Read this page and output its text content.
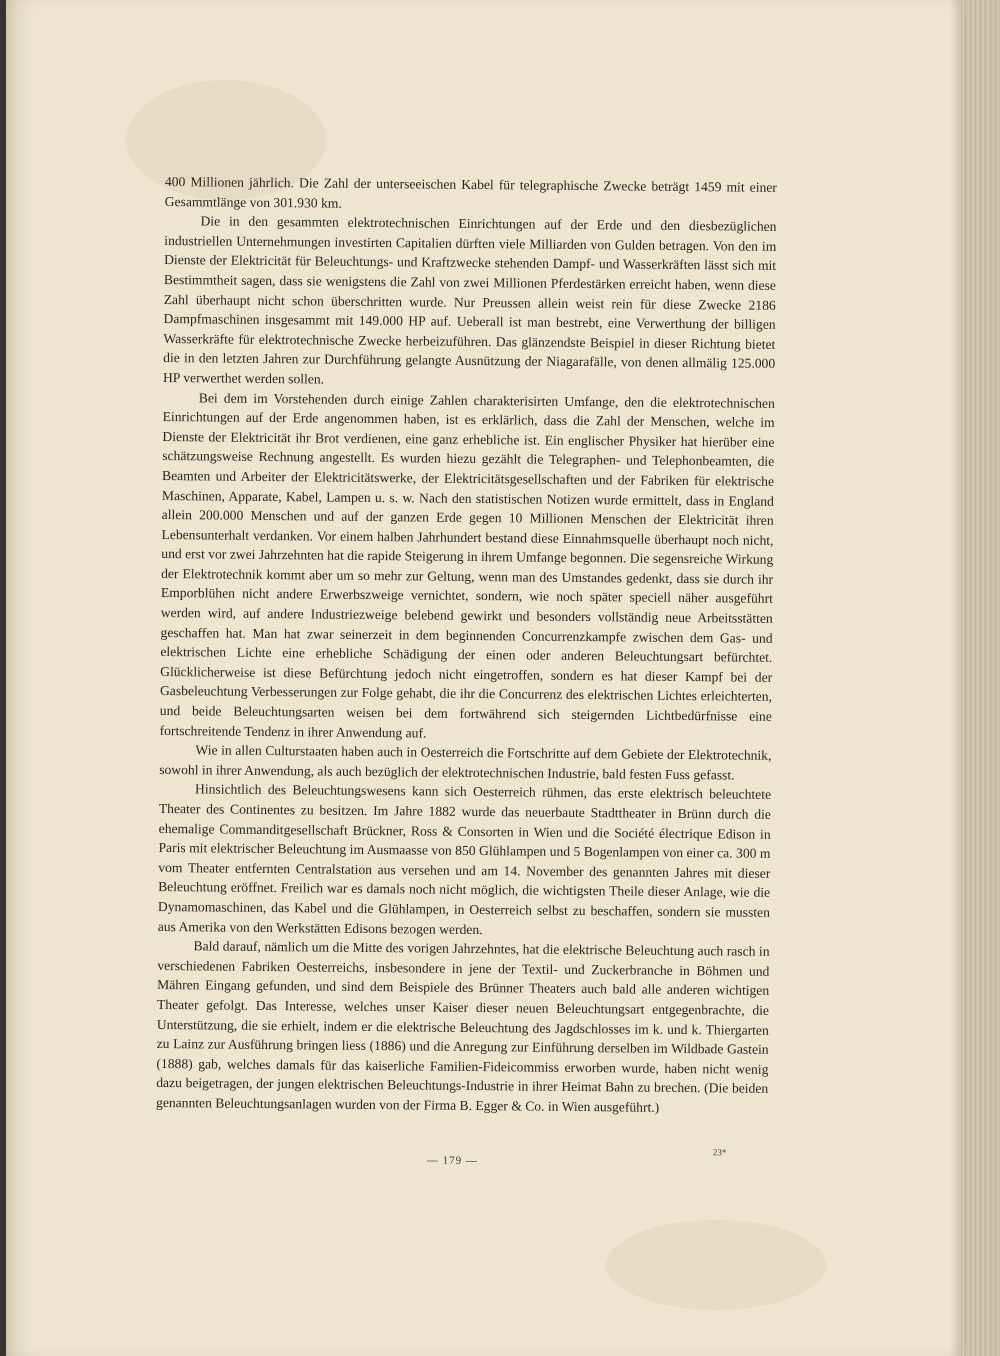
400 Millionen jährlich. Die Zahl der unterseeischen Kabel für telegraphische Zwecke beträgt 1459 mit einer Gesammtlänge von 301.930 km.

Die in den gesammten elektrotechnischen Einrichtungen auf der Erde und den diesbezüglichen industriellen Unternehmungen investirten Capitalien dürften viele Milliarden von Gulden betragen. Von den im Dienste der Elektricität für Beleuchtungs- und Kraftzwecke stehenden Dampf- und Wasserkräften lässt sich mit Bestimmtheit sagen, dass sie wenigstens die Zahl von zwei Millionen Pferdestärken erreicht haben, wenn diese Zahl überhaupt nicht schon überschritten wurde. Nur Preussen allein weist rein für diese Zwecke 2186 Dampfmaschinen insgesammt mit 149.000 HP auf. Ueberall ist man bestrebt, eine Verwerthung der billigen Wasserkräfte für elektrotechnische Zwecke herbeizuführen. Das glänzendste Beispiel in dieser Richtung bietet die in den letzten Jahren zur Durchführung gelangte Ausnützung der Niagarafälle, von denen allmälig 125.000 HP verwerthet werden sollen.

Bei dem im Vorstehenden durch einige Zahlen charakterisirten Umfange, den die elektrotechnischen Einrichtungen auf der Erde angenommen haben, ist es erklärlich, dass die Zahl der Menschen, welche im Dienste der Elektricität ihr Brot verdienen, eine ganz erhebliche ist. Ein englischer Physiker hat hierüber eine schätzungsweise Rechnung angestellt. Es wurden hiezu gezählt die Telegraphen- und Telephonbeamten, die Beamten und Arbeiter der Elektricitätswerke, der Elektricitätsgesellschaften und der Fabriken für elektrische Maschinen, Apparate, Kabel, Lampen u. s. w. Nach den statistischen Notizen wurde ermittelt, dass in England allein 200.000 Menschen und auf der ganzen Erde gegen 10 Millionen Menschen der Elektricität ihren Lebensunterhalt verdanken. Vor einem halben Jahrhundert bestand diese Einnahmsquelle überhaupt noch nicht, und erst vor zwei Jahrzehnten hat die rapide Steigerung in ihrem Umfange begonnen. Die segensreiche Wirkung der Elektrotechnik kommt aber um so mehr zur Geltung, wenn man des Umstandes gedenkt, dass sie durch ihr Emporblühen nicht andere Erwerbszweige vernichtet, sondern, wie noch später speciell näher ausgeführt werden wird, auf andere Industriezweige belebend gewirkt und besonders vollständig neue Arbeitsstätten geschaffen hat. Man hat zwar seinerzeit in dem beginnenden Concurrenzkampfe zwischen dem Gas- und elektrischen Lichte eine erhebliche Schädigung der einen oder anderen Beleuchtungsart befürchtet. Glücklicherweise ist diese Befürchtung jedoch nicht eingetroffen, sondern es hat dieser Kampf bei der Gasbeleuchtung Verbesserungen zur Folge gehabt, die ihr die Concurrenz des elektrischen Lichtes erleichterten, und beide Beleuchtungsarten weisen bei dem fortwährend sich steigernden Lichtbedürfnisse eine fortschreitende Tendenz in ihrer Anwendung auf.

Wie in allen Culturstaaten haben auch in Oesterreich die Fortschritte auf dem Gebiete der Elektrotechnik, sowohl in ihrer Anwendung, als auch bezüglich der elektrotechnischen Industrie, bald festen Fuss gefasst.

Hinsichtlich des Beleuchtungswesens kann sich Oesterreich rühmen, das erste elektrisch beleuchtete Theater des Continentes zu besitzen. Im Jahre 1882 wurde das neuerbaute Stadttheater in Brünn durch die ehemalige Commanditgesellschaft Brückner, Ross & Consorten in Wien und die Société électrique Edison in Paris mit elektrischer Beleuchtung im Ausmaasse von 850 Glühlampen und 5 Bogenlampen von einer ca. 300 m vom Theater entfernten Centralstation aus versehen und am 14. November des genannten Jahres mit dieser Beleuchtung eröffnet. Freilich war es damals noch nicht möglich, die wichtigsten Theile dieser Anlage, wie die Dynamomaschinen, das Kabel und die Glühlampen, in Oesterreich selbst zu beschaffen, sondern sie mussten aus Amerika von den Werkstätten Edisons bezogen werden.

Bald darauf, nämlich um die Mitte des vorigen Jahrzehntes, hat die elektrische Beleuchtung auch rasch in verschiedenen Fabriken Oesterreichs, insbesondere in jene der Textil- und Zuckerbranche in Böhmen und Mähren Eingang gefunden, und sind dem Beispiele des Brünner Theaters auch bald alle anderen wichtigen Theater gefolgt. Das Interesse, welches unser Kaiser dieser neuen Beleuchtungsart entgegenbrachte, die Unterstützung, die sie erhielt, indem er die elektrische Beleuchtung des Jagdschlosses im k. und k. Thiergarten zu Lainz zur Ausführung bringen liess (1886) und die Anregung zur Einführung derselben im Wildbade Gastein (1888) gab, welches damals für das kaiserliche Familien-Fideicommiss erworben wurde, haben nicht wenig dazu beigetragen, der jungen elektrischen Beleuchtungs-Industrie in ihrer Heimat Bahn zu brechen. (Die beiden genannten Beleuchtungsanlagen wurden von der Firma B. Egger & Co. in Wien ausgeführt.)

— 179 —
23*
